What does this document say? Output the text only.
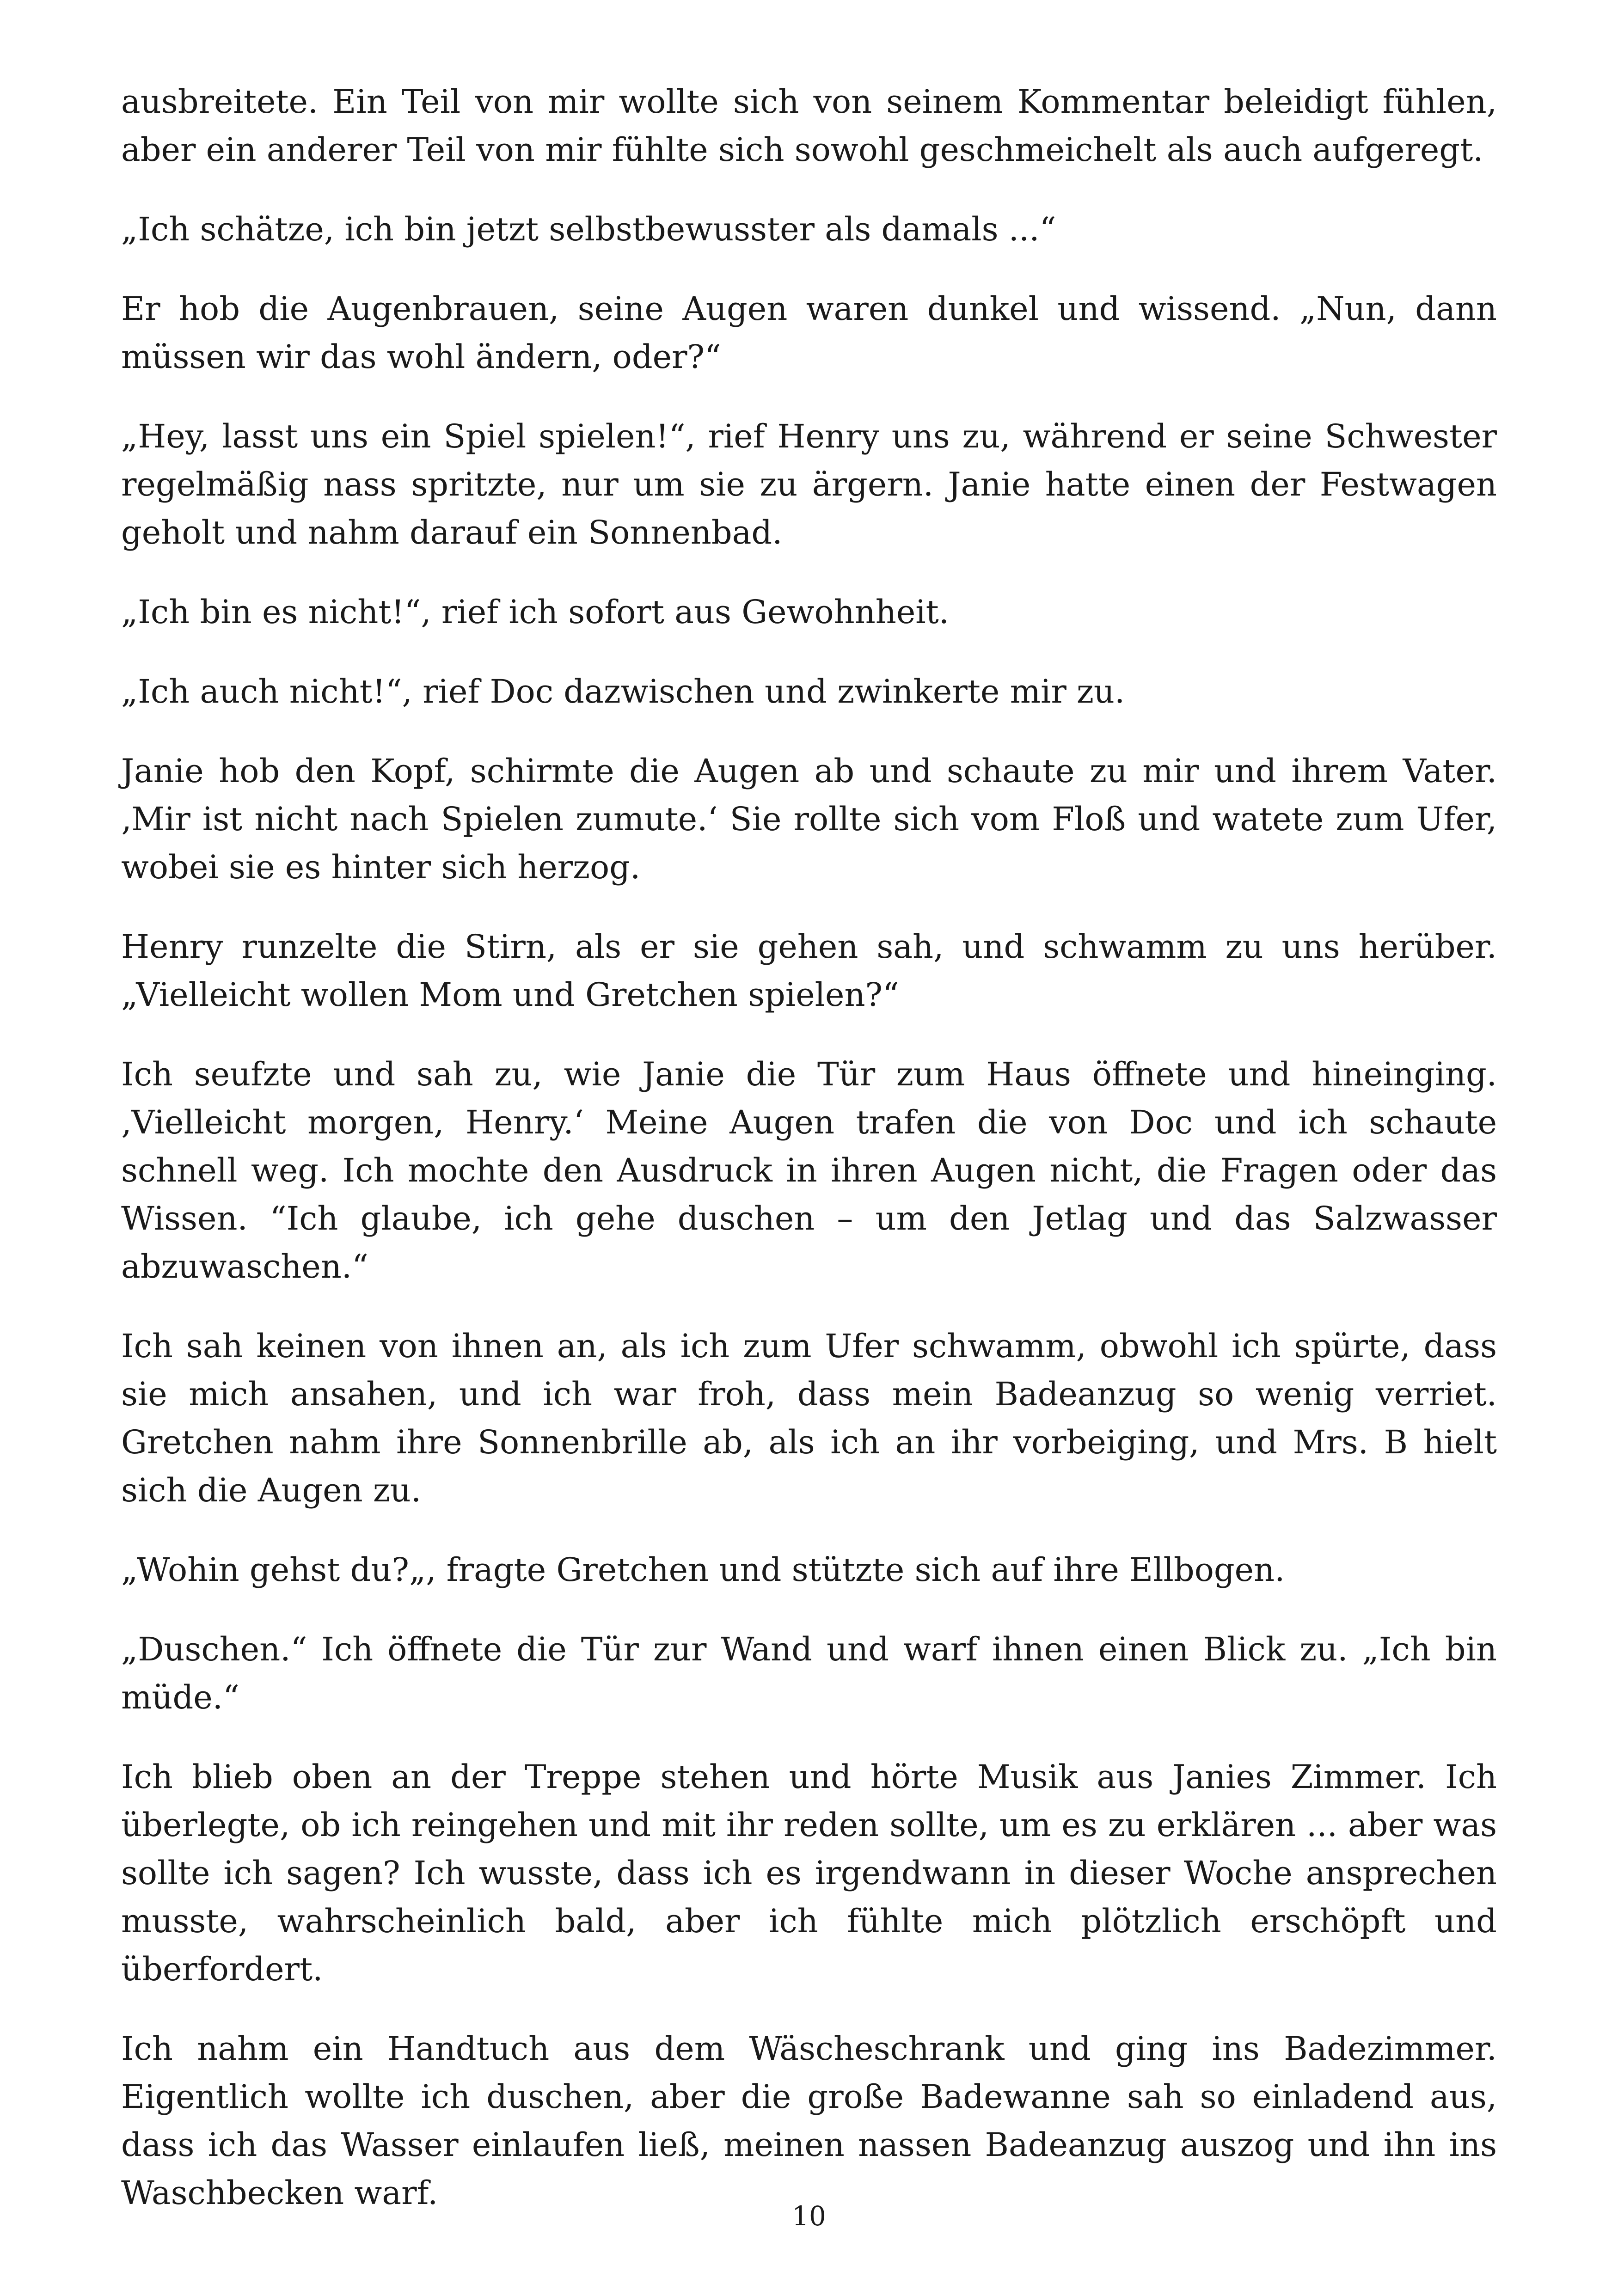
ausbreitete. Ein Teil von mir wollte sich von seinem Kommentar beleidigt fühlen, aber ein anderer Teil von mir fühlte sich sowohl geschmeichelt als auch aufgeregt.

„Ich schätze, ich bin jetzt selbstbewusster als damals ...“

Er hob die Augenbrauen, seine Augen waren dunkel und wissend. „Nun, dann müssen wir das wohl ändern, oder?“

„Hey, lasst uns ein Spiel spielen!“, rief Henry uns zu, während er seine Schwester regelmäßig nass spritzte, nur um sie zu ärgern. Janie hatte einen der Festwagen geholt und nahm darauf ein Sonnenbad.

„Ich bin es nicht!“, rief ich sofort aus Gewohnheit.

„Ich auch nicht!“, rief Doc dazwischen und zwinkerte mir zu.

Janie hob den Kopf, schirmte die Augen ab und schaute zu mir und ihrem Vater. ‚Mir ist nicht nach Spielen zumute.‘ Sie rollte sich vom Floß und watete zum Ufer, wobei sie es hinter sich herzog.

Henry runzelte die Stirn, als er sie gehen sah, und schwamm zu uns herüber. „Vielleicht wollen Mom und Gretchen spielen?“

Ich seufzte und sah zu, wie Janie die Tür zum Haus öffnete und hineinging. ‚Vielleicht morgen, Henry.‘ Meine Augen trafen die von Doc und ich schaute schnell weg. Ich mochte den Ausdruck in ihren Augen nicht, die Fragen oder das Wissen. “Ich glaube, ich gehe duschen – um den Jetlag und das Salzwasser abzuwaschen.“

Ich sah keinen von ihnen an, als ich zum Ufer schwamm, obwohl ich spürte, dass sie mich ansahen, und ich war froh, dass mein Badeanzug so wenig verriet. Gretchen nahm ihre Sonnenbrille ab, als ich an ihr vorbeiging, und Mrs. B hielt sich die Augen zu.

„Wohin gehst du?„, fragte Gretchen und stützte sich auf ihre Ellbogen.

„Duschen.“ Ich öffnete die Tür zur Wand und warf ihnen einen Blick zu. „Ich bin müde.“

Ich blieb oben an der Treppe stehen und hörte Musik aus Janies Zimmer. Ich überlegte, ob ich reingehen und mit ihr reden sollte, um es zu erklären ... aber was sollte ich sagen? Ich wusste, dass ich es irgendwann in dieser Woche ansprechen musste, wahrscheinlich bald, aber ich fühlte mich plötzlich erschöpft und überfordert.

Ich nahm ein Handtuch aus dem Wäscheschrank und ging ins Badezimmer. Eigentlich wollte ich duschen, aber die große Badewanne sah so einladend aus, dass ich das Wasser einlaufen ließ, meinen nassen Badeanzug auszog und ihn ins Waschbecken warf.

10
